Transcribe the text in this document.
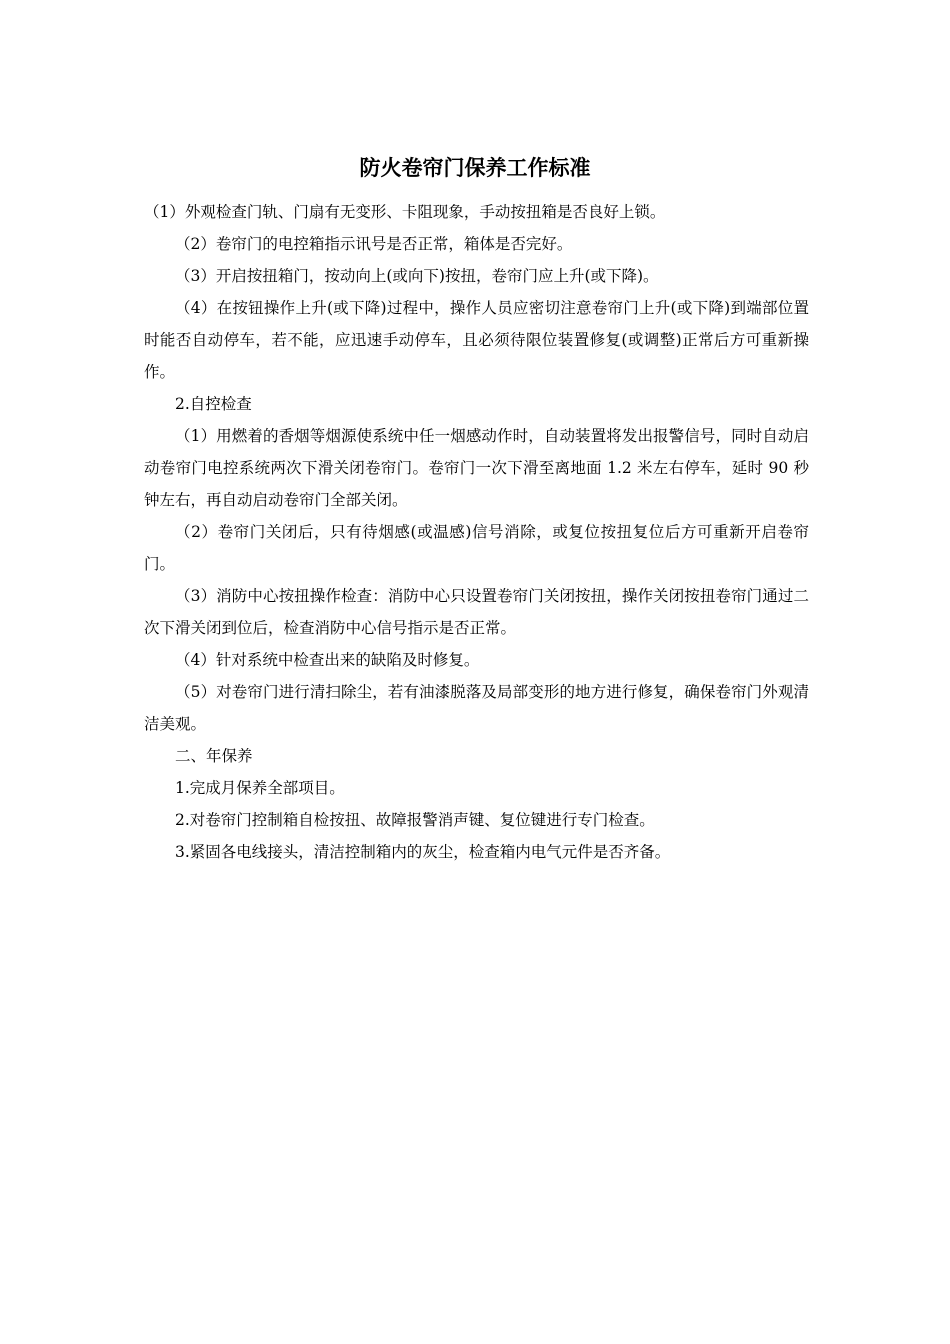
防火卷帘门保养工作标准

（1）外观检查门轨、门扇有无变形、卡阻现象，手动按扭箱是否良好上锁。

（2）卷帘门的电控箱指示讯号是否正常，箱体是否完好。

（3）开启按扭箱门，按动向上(或向下)按扭，卷帘门应上升(或下降)。

（4）在按钮操作上升(或下降)过程中，操作人员应密切注意卷帘门上升(或下降)到端部位置时能否自动停车，若不能，应迅速手动停车，且必须待限位装置修复(或调整)正常后方可重新操作。

2.自控检查

（1）用燃着的香烟等烟源使系统中任一烟感动作时，自动装置将发出报警信号，同时自动启动卷帘门电控系统两次下滑关闭卷帘门。卷帘门一次下滑至离地面 1.2 米左右停车，延时 90 秒钟左右，再自动启动卷帘门全部关闭。

（2）卷帘门关闭后，只有待烟感(或温感)信号消除，或复位按扭复位后方可重新开启卷帘门。

（3）消防中心按扭操作检查：消防中心只设置卷帘门关闭按扭，操作关闭按扭卷帘门通过二次下滑关闭到位后，检查消防中心信号指示是否正常。

（4）针对系统中检查出来的缺陷及时修复。

（5）对卷帘门进行清扫除尘，若有油漆脱落及局部变形的地方进行修复，确保卷帘门外观清洁美观。

二、年保养

1.完成月保养全部项目。

2.对卷帘门控制箱自检按扭、故障报警消声键、复位键进行专门检查。

3.紧固各电线接头，清洁控制箱内的灰尘，检查箱内电气元件是否齐备。
